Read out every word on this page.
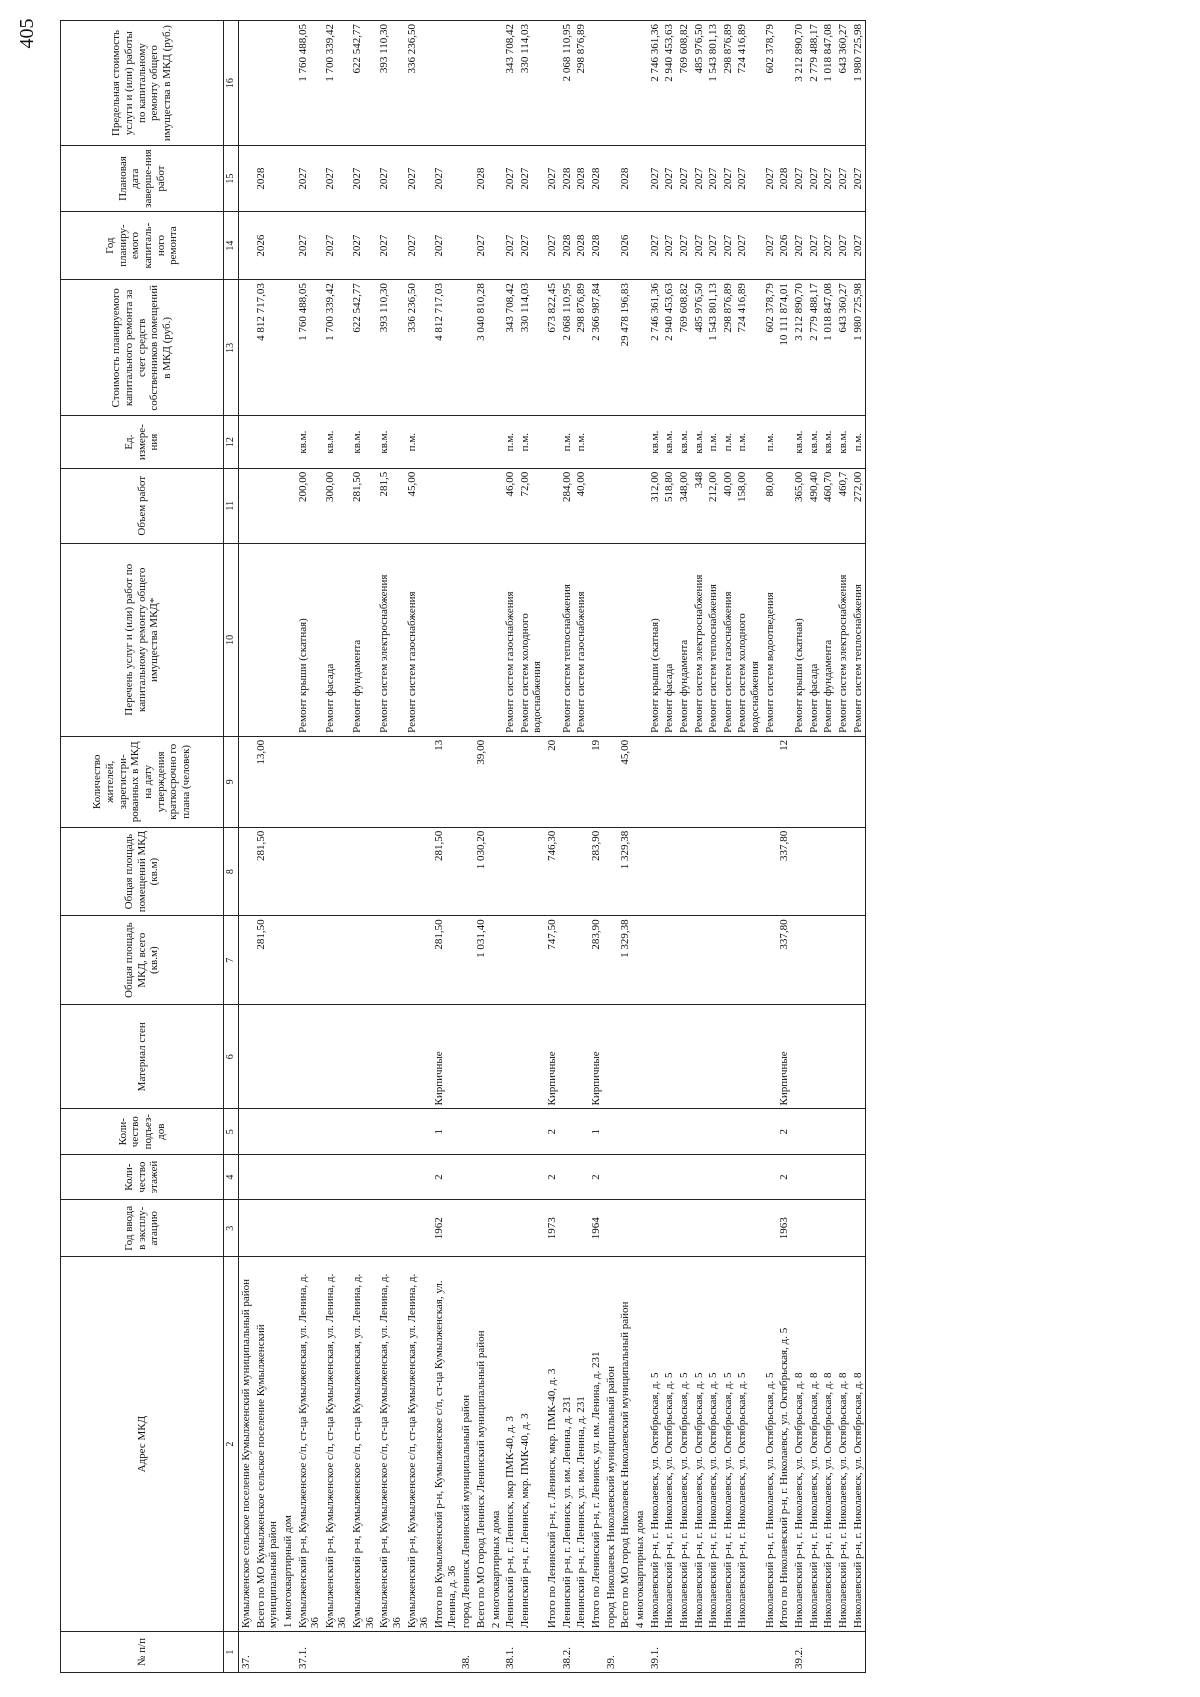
405
№ п/п	Адрес МКД	Год ввода в эксплу-атацию	Коли-чество этажей	Коли-чество подъез-дов	Материал стен	Общая площадь МКД, всего (кв.м)	Общая площадь помещений МКД (кв.м)	Количество жителей, зарегистри-рованных в МКД на дату утверждения краткосрочно го плана (человек)	Перечень услуг и (или) работ по капитальному ремонту общего имущества МКД*	Объем работ	Ед. измере-ния	Стоимость планируемого капитального ремонта за счет средств собственников помещений в МКД (руб.)	Год планиру-емого капиталь-ного ремонта	Плановая дата заверше-ния работ	Предельная стоимость услуги и (или) работы по капитальному ремонту общего имущества в МКД (руб.)
1	2	3	4	5	6	7	8	9	10	11	12	13	14	15	16
37.	Кумылженское сельское поселение Кумылженский муниципальный район														
	Всего по МО Кумылженское сельское поселение Кумылженский муниципальный район					281,50	281,50	13,00				4 812 717,03	2026	2028	
	1 многоквартирный дом														
37.1.	Кумылженский р-н, Кумылженское с/п, ст-ца Кумылженская, ул. Ленина, д. 36								Ремонт крыши (скатная)	200,00	кв.м.	1 760 488,05	2027	2027	1 760 488,05
	Кумылженский р-н, Кумылженское с/п, ст-ца Кумылженская, ул. Ленина, д. 36								Ремонт фасада	300,00	кв.м.	1 700 339,42	2027	2027	1 700 339,42
	Кумылженский р-н, Кумылженское с/п, ст-ца Кумылженская, ул. Ленина, д. 36								Ремонт фундамента	281,50	кв.м.	622 542,77	2027	2027	622 542,77
	Кумылженский р-н, Кумылженское с/п, ст-ца Кумылженская, ул. Ленина, д. 36								Ремонт систем электроснабжения	281,5	кв.м.	393 110,30	2027	2027	393 110,30
	Кумылженский р-н, Кумылженское с/п, ст-ца Кумылженская, ул. Ленина, д. 36								Ремонт систем газоснабжения	45,00	п.м.	336 236,50	2027	2027	336 236,50
	Итого по Кумылженский р-н, Кумылженское с/п, ст-ца Кумылженская, ул. Ленина, д. 36	1962	2	1	Кирпичные	281,50	281,50	13				4 812 717,03	2027	2027	
38.	город Ленинск Ленинский муниципальный район														
	Всего по МО город Ленинск Ленинский муниципальный район					1 031,40	1 030,20	39,00				3 040 810,28	2027	2028	
	2 многоквартирных дома														
38.1.	Ленинский р-н, г. Ленинск, мкр ПМК-40, д. 3								Ремонт систем газоснабжения	46,00	п.м.	343 708,42	2027	2027	343 708,42
	Ленинский р-н, г. Ленинск, мкр. ПМК-40, д. 3								Ремонт систем холодного водоснабжения	72,00	п.м.	330 114,03	2027	2027	330 114,03
	Итого по Ленинский р-н, г. Ленинск, мкр. ПМК-40, д. 3	1973	2	2	Кирпичные	747,50	746,30	20				673 822,45	2027	2027	
38.2.	Ленинский р-н, г. Ленинск, ул. им. Ленина, д. 231								Ремонт систем теплоснабжения	284,00	п.м.	2 068 110,95	2028	2028	2 068 110,95
	Ленинский р-н, г. Ленинск, ул. им. Ленина, д. 231								Ремонт систем газоснабжения	40,00	п.м.	298 876,89	2028	2028	298 876,89
	Итого по Ленинский р-н, г. Ленинск, ул. им. Ленина, д. 231	1964	2	1	Кирпичные	283,90	283,90	19				2 366 987,84	2028	2028	
39.	город Николаевск Николаевский муниципальный район														
	Всего по МО город Николаевск Николаевский муниципальный район					1 329,38	1 329,38	45,00				29 478 196,83	2026	2028	
	4 многоквартирных дома														
39.1.	Николаевский р-н, г. Николаевск, ул. Октябрьская, д. 5								Ремонт крыши (скатная)	312,00	кв.м.	2 746 361,36	2027	2027	2 746 361,36
	Николаевский р-н, г. Николаевск, ул. Октябрьская, д. 5								Ремонт фасада	518,80	кв.м.	2 940 453,63	2027	2027	2 940 453,63
	Николаевский р-н, г. Николаевск, ул. Октябрьская, д. 5								Ремонт фундамента	348,00	кв.м.	769 608,82	2027	2027	769 608,82
	Николаевский р-н, г. Николаевск, ул. Октябрьская, д. 5								Ремонт систем электроснабжения	348	кв.м.	485 976,50	2027	2027	485 976,50
	Николаевский р-н, г. Николаевск, ул. Октябрьская, д. 5								Ремонт систем теплоснабжения	212,00	п.м.	1 543 801,13	2027	2027	1 543 801,13
	Николаевский р-н, г. Николаевск, ул. Октябрьская, д. 5								Ремонт систем газоснабжения	40,00	п.м.	298 876,89	2027	2027	298 876,89
	Николаевский р-н, г. Николаевск, ул. Октябрьская, д. 5								Ремонт систем холодного водоснабжения	158,00	п.м.	724 416,89	2027	2027	724 416,89
	Николаевский р-н, г. Николаевск, ул. Октябрьская, д. 5								Ремонт систем водоотведения	80,00	п.м.	602 378,79	2027	2027	602 378,79
	Итого по Николаевский р-н, г. Николаевск, ул. Октябрьская, д. 5	1963	2	2	Кирпичные	337,80	337,80	12				10 111 874,01	2026	2028	
39.2.	Николаевский р-н, г. Николаевск, ул. Октябрьская, д. 8								Ремонт крыши (скатная)	365,00	кв.м.	3 212 890,70	2027	2027	3 212 890,70
	Николаевский р-н, г. Николаевск, ул. Октябрьская, д. 8								Ремонт фасада	490,40	кв.м.	2 779 488,17	2027	2027	2 779 488,17
	Николаевский р-н, г. Николаевск, ул. Октябрьская, д. 8								Ремонт фундамента	460,70	кв.м.	1 018 847,08	2027	2027	1 018 847,08
	Николаевский р-н, г. Николаевск, ул. Октябрьская, д. 8								Ремонт систем электроснабжения	460,7	кв.м.	643 360,27	2027	2027	643 360,27
	Николаевский р-н, г. Николаевск, ул. Октябрьская, д. 8								Ремонт систем теплоснабжения	272,00	п.м.	1 980 725,98	2027	2027	1 980 725,98
